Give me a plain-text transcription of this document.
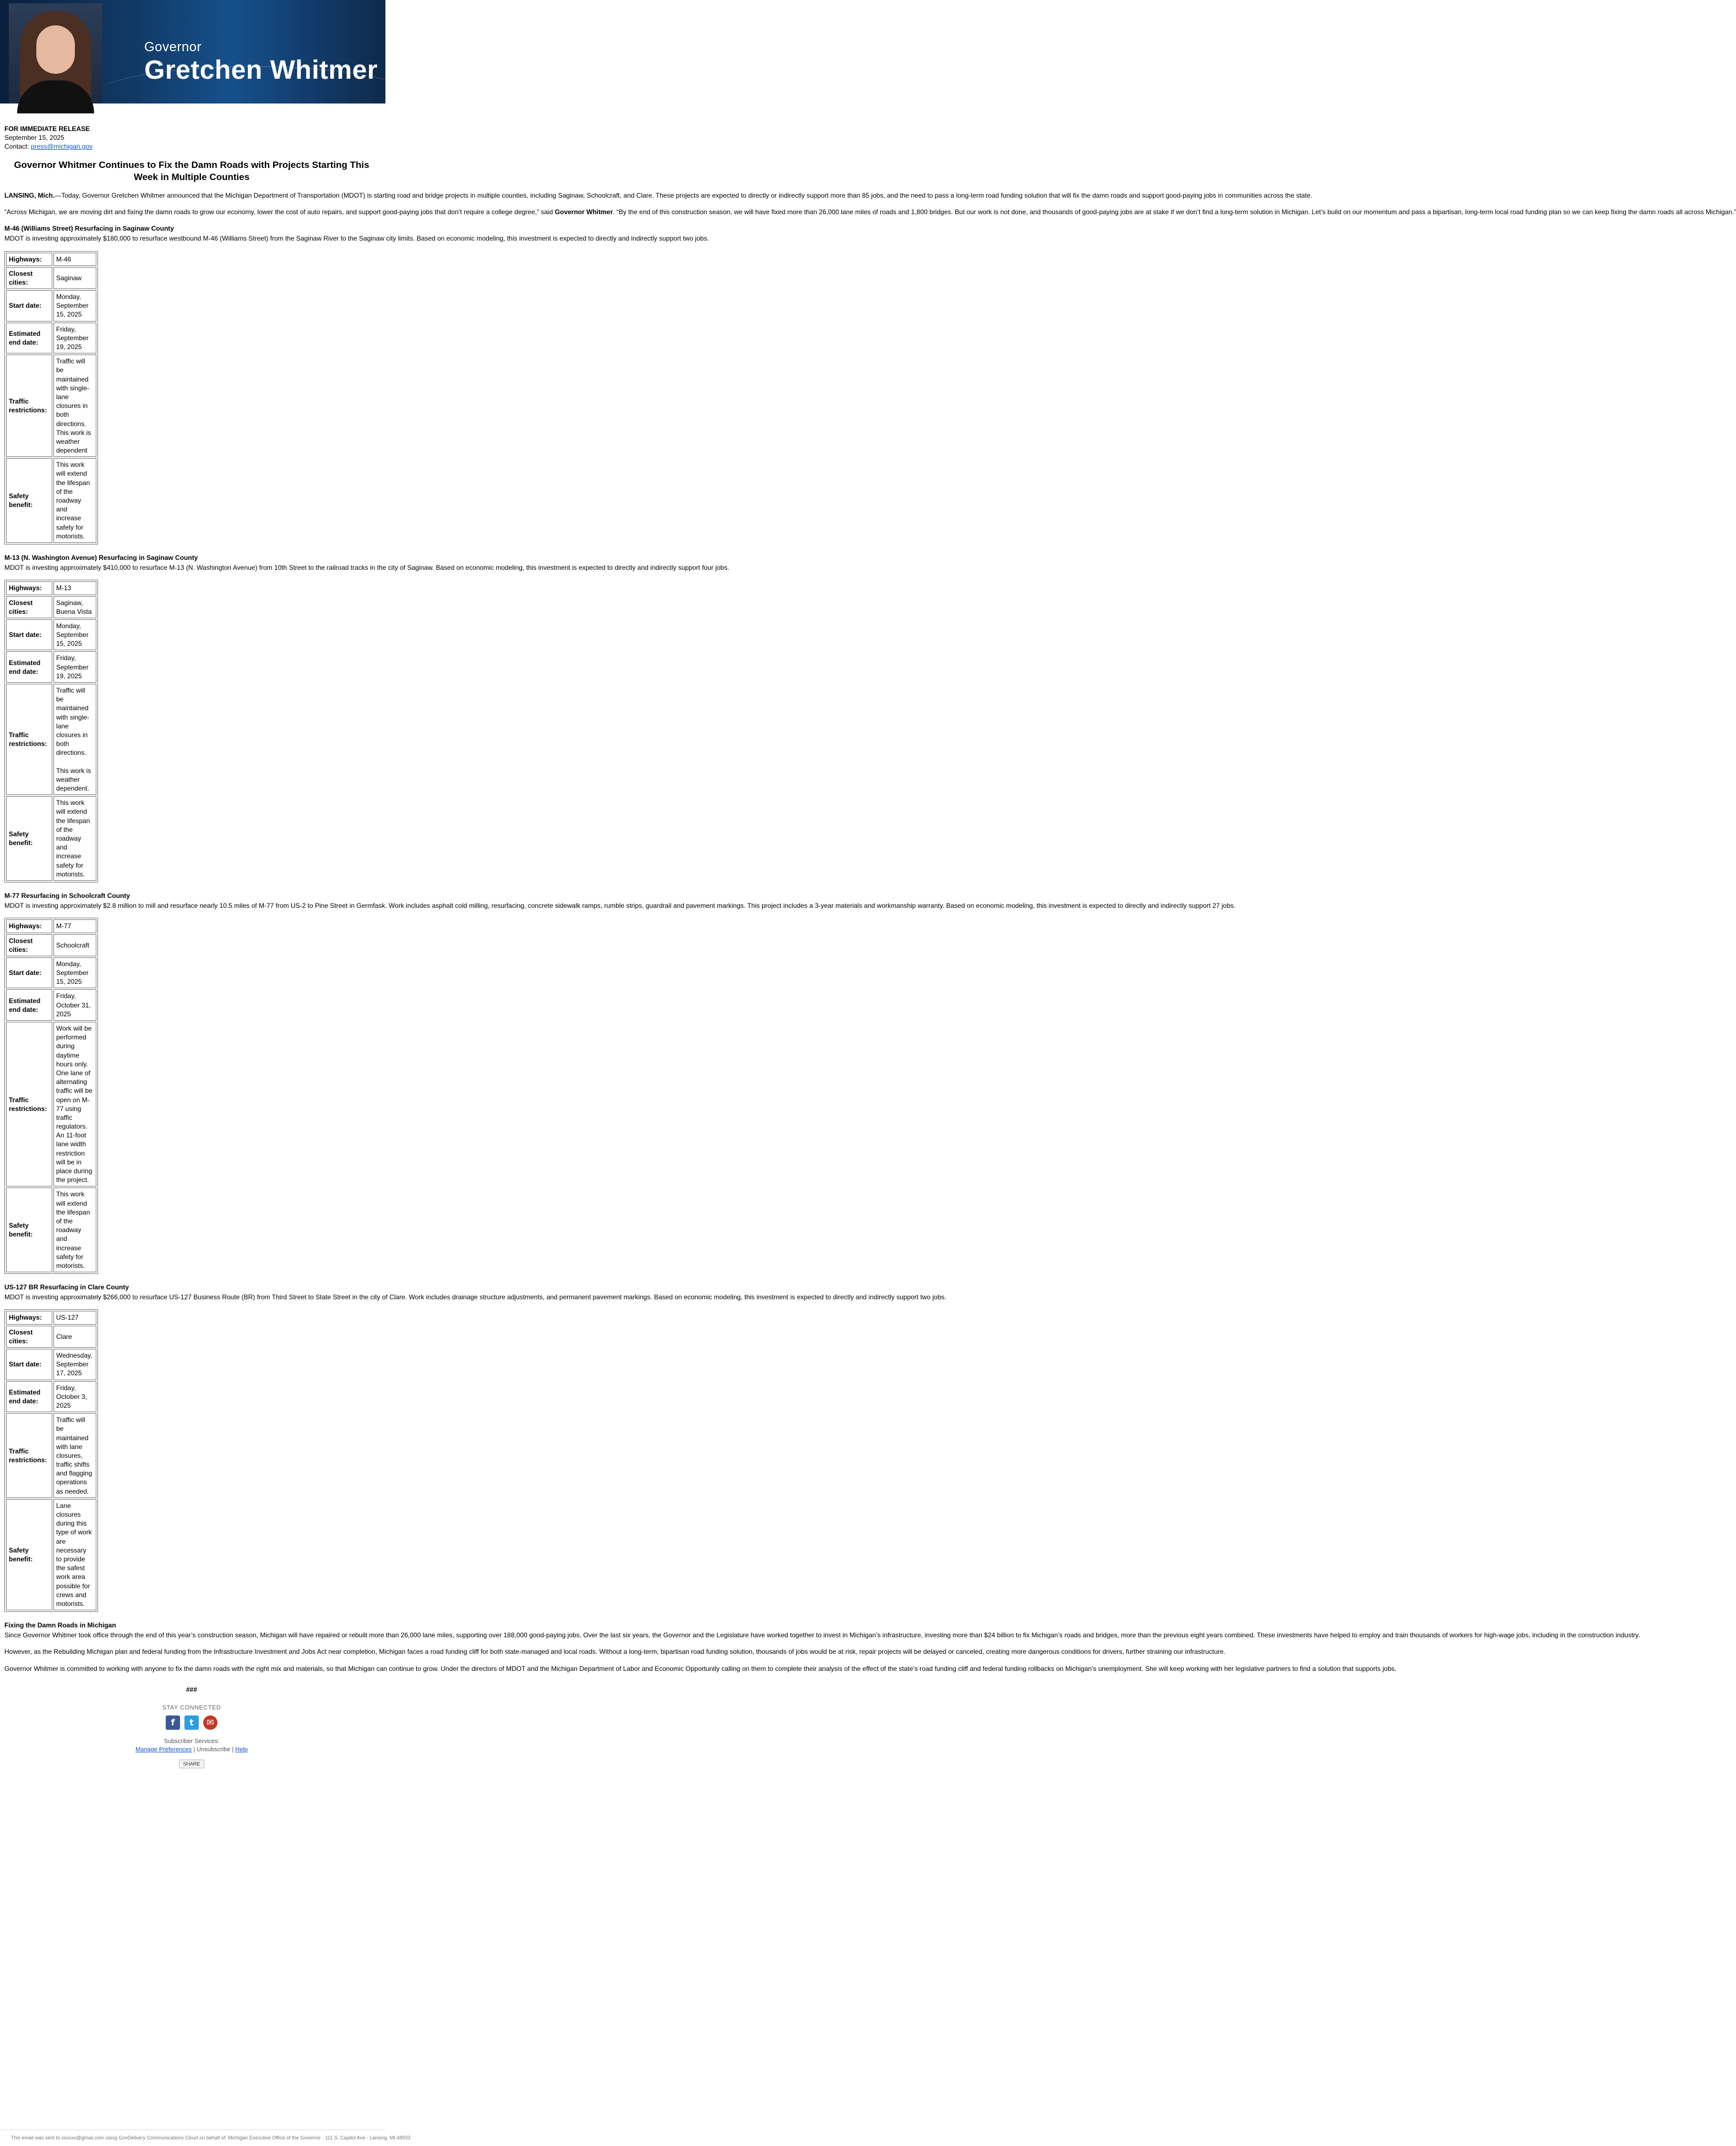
Governor
Gretchen Whitmer
FOR IMMEDIATE RELEASE
September 15, 2025
Contact: press@michigan.gov
Governor Whitmer Continues to Fix the Damn Roads with Projects Starting This Week in Multiple Counties

LANSING, Mich.—Today, Governor Gretchen Whitmer announced that the Michigan Department of Transportation (MDOT) is starting road and bridge projects in multiple counties, including Saginaw, Schoolcraft, and Clare. These projects are expected to directly or indirectly support more than 85 jobs, and the need to pass a long-term road funding solution that will fix the damn roads and support good-paying jobs in communities across the state.

“Across Michigan, we are moving dirt and fixing the damn roads to grow our economy, lower the cost of auto repairs, and support good-paying jobs that don’t require a college degree,” said Governor Whitmer. “By the end of this construction season, we will have fixed more than 26,000 lane miles of roads and 1,800 bridges. But our work is not done, and thousands of good-paying jobs are at stake if we don’t find a long-term solution in Michigan. Let’s build on our momentum and pass a bipartisan, long-term local road funding plan so we can keep fixing the damn roads all across Michigan.”

M-46 (Williams Street) Resurfacing in Saginaw County

MDOT is investing approximately $180,000 to resurface westbound M-46 (Williams Street) from the Saginaw River to the Saginaw city limits. Based on economic modeling, this investment is expected to directly and indirectly support two jobs.

Highways:	M-46
Closest cities:	Saginaw
Start date:	Monday, September 15, 2025
Estimated end date:	Friday, September 19, 2025
Traffic restrictions:	Traffic will be maintained with single-lane closures in both directions. This work is weather dependent
Safety benefit:	This work will extend the lifespan of the roadway and increase safety for motorists.
M-13 (N. Washington Avenue) Resurfacing in Saginaw County

MDOT is investing approximately $410,000 to resurface M-13 (N. Washington Avenue) from 10th Street to the railroad tracks in the city of Saginaw. Based on economic modeling, this investment is expected to directly and indirectly support four jobs.

Highways:	M-13
Closest cities:	Saginaw, Buena Vista
Start date:	Monday, September 15, 2025
Estimated end date:	Friday, September 19, 2025
Traffic restrictions:	Traffic will be maintained with single-lane closures in both directions.

This work is weather dependent.
Safety benefit:	This work will extend the lifespan of the roadway and increase safety for motorists.
M-77 Resurfacing in Schoolcraft County

MDOT is investing approximately $2.8 million to mill and resurface nearly 10.5 miles of M-77 from US-2 to Pine Street in Germfask. Work includes asphalt cold milling, resurfacing, concrete sidewalk ramps, rumble strips, guardrail and pavement markings. This project includes a 3-year materials and workmanship warranty. Based on economic modeling, this investment is expected to directly and indirectly support 27 jobs.

Highways:	M-77
Closest cities:	Schoolcraft
Start date:	Monday, September 15, 2025
Estimated end date:	Friday, October 31, 2025
Traffic restrictions:	Work will be performed during daytime hours only. One lane of alternating traffic will be open on M-77 using traffic regulators. An 11-foot lane width restriction will be in place during the project.
Safety benefit:	This work will extend the lifespan of the roadway and increase safety for motorists.
US-127 BR Resurfacing in Clare County

MDOT is investing approximately $266,000 to resurface US-127 Business Route (BR) from Third Street to State Street in the city of Clare. Work includes drainage structure adjustments, and permanent pavement markings. Based on economic modeling, this investment is expected to directly and indirectly support two jobs.

Highways:	US-127
Closest cities:	Clare
Start date:	Wednesday, September 17, 2025
Estimated end date:	Friday, October 3, 2025
Traffic restrictions:	Traffic will be maintained with lane closures, traffic shifts and flagging operations as needed.
Safety benefit:	Lane closures during this type of work are necessary to provide the safest work area possible for crews and motorists.
Fixing the Damn Roads in Michigan

Since Governor Whitmer took office through the end of this year’s construction season, Michigan will have repaired or rebuilt more than 26,000 lane miles, supporting over 188,000 good-paying jobs. Over the last six years, the Governor and the Legislature have worked together to invest in Michigan’s infrastructure, investing more than $24 billion to fix Michigan’s roads and bridges, more than the previous eight years combined. These investments have helped to employ and train thousands of workers for high-wage jobs, including in the construction industry.

However, as the Rebuilding Michigan plan and federal funding from the Infrastructure Investment and Jobs Act near completion, Michigan faces a road funding cliff for both state-managed and local roads. Without a long-term, bipartisan road funding solution, thousands of jobs would be at risk, repair projects will be delayed or canceled, creating more dangerous conditions for drivers, further straining our infrastructure.

Governor Whitmer is committed to working with anyone to fix the damn roads with the right mix and materials, so that Michigan can continue to grow. Under the directors of MDOT and the Michigan Department of Labor and Economic Opportunity calling on them to complete their analysis of the effect of the state’s road funding cliff and federal funding rollbacks on Michigan’s unemployment. She will keep working with her legislative partners to find a solution that supports jobs.

###
STAY CONNECTED
f	t	✉
Subscriber Services:
Manage Preferences | Unsubscribe | Help
SHARE
This email was sent to xxxxxx@gmail.com using GovDelivery Communications Cloud on behalf of: Michigan Executive Office of the Governor · 111 S. Capitol Ave · Lansing, MI 48933
